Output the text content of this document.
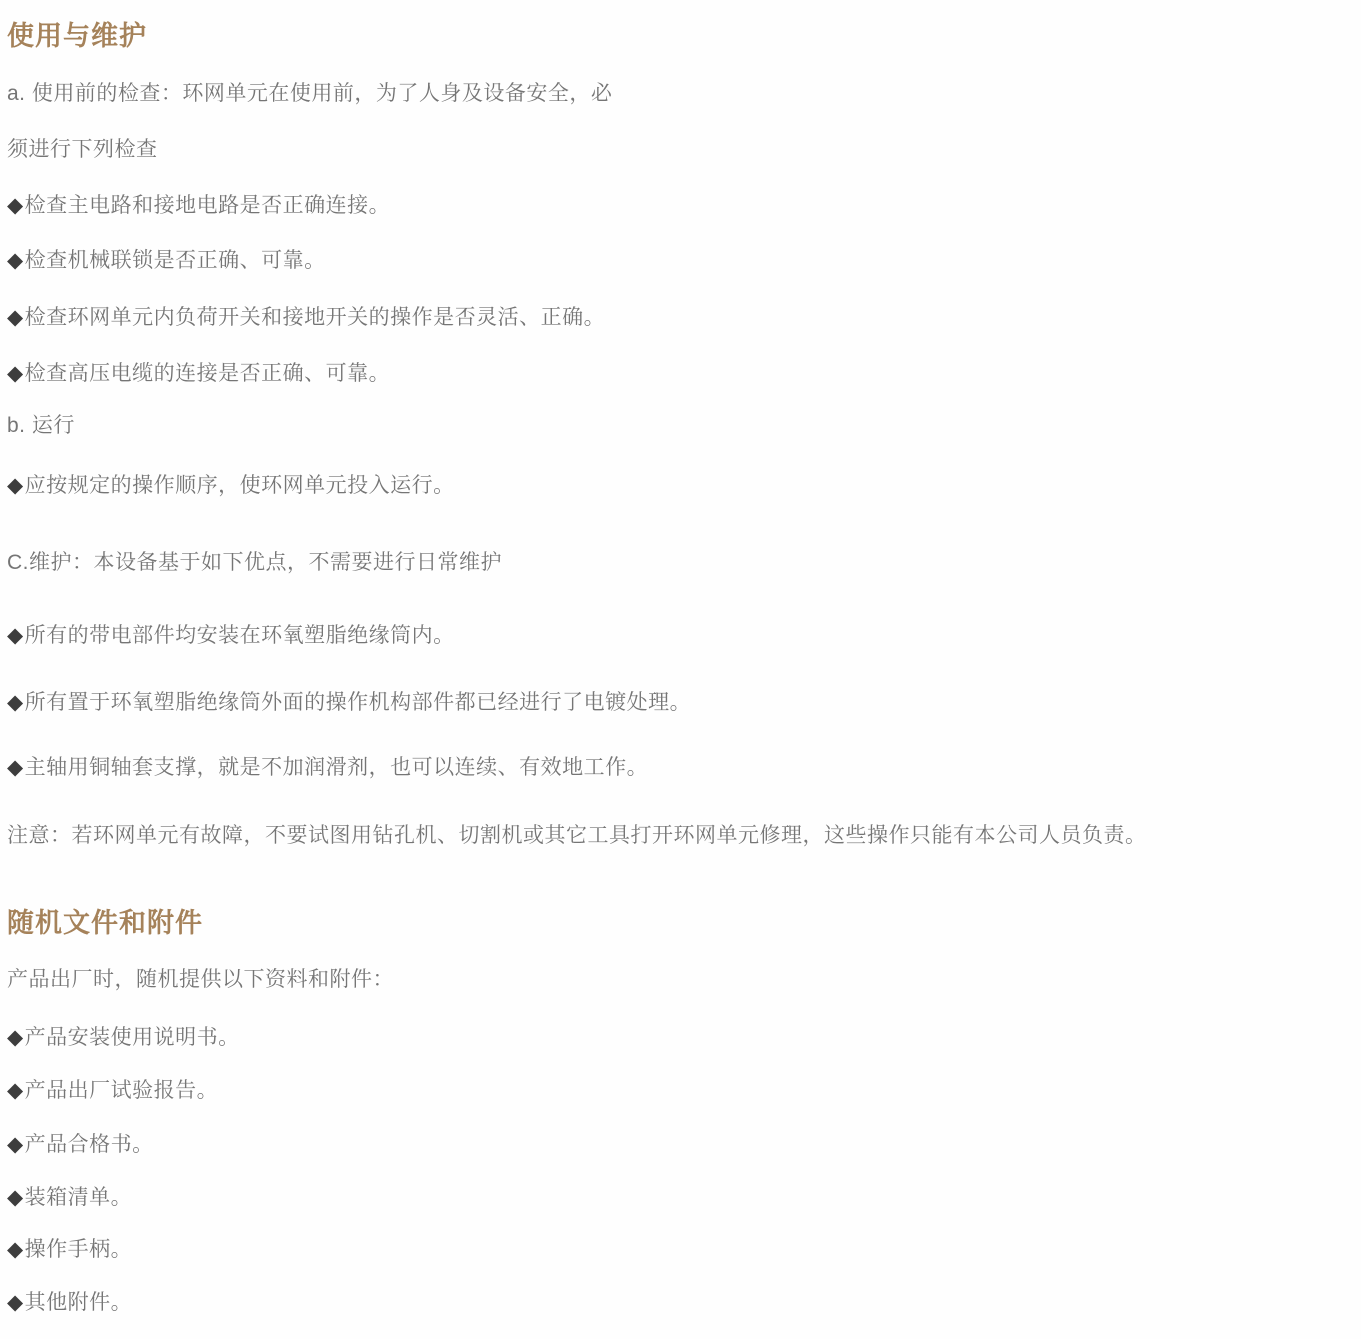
使用与维护

a. 使用前的检查：环网单元在使用前，为了人身及设备安全，必

须进行下列检查

◆检查主电路和接地电路是否正确连接。
◆检查机械联锁是否正确、可靠。
◆检查环网单元内负荷开关和接地开关的操作是否灵活、正确。
◆检查高压电缆的连接是否正确、可靠。

b. 运行

◆应按规定的操作顺序，使环网单元投入运行。

C.维护：本设备基于如下优点，不需要进行日常维护

◆所有的带电部件均安装在环氧塑脂绝缘筒内。
◆所有置于环氧塑脂绝缘筒外面的操作机构部件都已经进行了电镀处理。
◆主轴用铜轴套支撑，就是不加润滑剂，也可以连续、有效地工作。

注意：若环网单元有故障，不要试图用钻孔机、切割机或其它工具打开环网单元修理，这些操作只能有本公司人员负责。

随机文件和附件

产品出厂时，随机提供以下资料和附件：

◆产品安装使用说明书。
◆产品出厂试验报告。
◆产品合格书。
◆装箱清单。
◆操作手柄。
◆其他附件。
